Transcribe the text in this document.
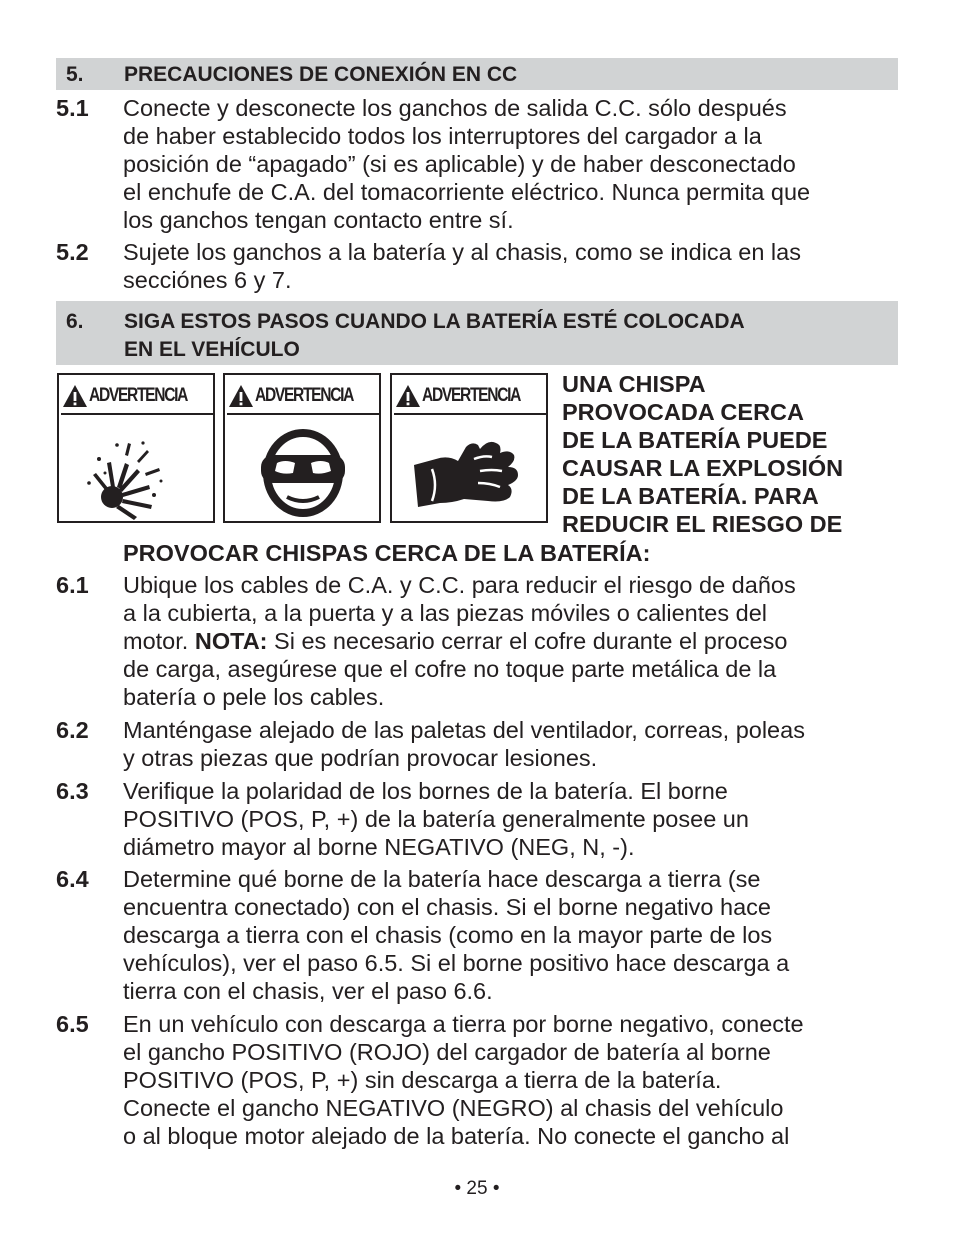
5. PRECAUCIONES DE CONEXIÓN EN CC
5.1 Conecte y desconecte los ganchos de salida C.C. sólo después
de haber establecido todos los interruptores del cargador a la
posición de “apagado” (si es aplicable) y de haber desconectado
el enchufe de C.A. del tomacorriente eléctrico. Nunca permita que
los ganchos tengan contacto entre sí.
5.2 Sujete los ganchos a la batería y al chasis, como se indica en las
secciónes 6 y 7.
6. SIGA ESTOS PASOS CUANDO LA BATERÍA ESTÉ COLOCADA
EN EL VEHÍCULO
ADVERTENCIA	ADVERTENCIA	ADVERTENCIA UNA CHISPA
PROVOCADA CERCA
DE LA BATERÍA PUEDE
CAUSAR LA EXPLOSIÓN
DE LA BATERÍA. PARA
REDUCIR EL RIESGO DE
PROVOCAR CHISPAS CERCA DE LA BATERÍA:
6.1 Ubique los cables de C.A. y C.C. para reducir el riesgo de daños
a la cubierta, a la puerta y a las piezas móviles o calientes del
motor. NOTA: Si es necesario cerrar el cofre durante el proceso
de carga, asegúrese que el cofre no toque parte metálica de la
batería o pele los cables.
6.2 Manténgase alejado de las paletas del ventilador, correas, poleas
y otras piezas que podrían provocar lesiones.
6.3 Verifique la polaridad de los bornes de la batería. El borne
POSITIVO (POS, P, +) de la batería generalmente posee un
diámetro mayor al borne NEGATIVO (NEG, N, -).
6.4 Determine qué borne de la batería hace descarga a tierra (se
encuentra conectado) con el chasis. Si el borne negativo hace
descarga a tierra con el chasis (como en la mayor parte de los
vehículos), ver el paso 6.5. Si el borne positivo hace descarga a
tierra con el chasis, ver el paso 6.6.
6.5 En un vehículo con descarga a tierra por borne negativo, conecte
el gancho POSITIVO (ROJO) del cargador de batería al borne
POSITIVO (POS, P, +) sin descarga a tierra de la batería.
Conecte el gancho NEGATIVO (NEGRO) al chasis del vehículo
o al bloque motor alejado de la batería. No conecte el gancho al
• 25 •
